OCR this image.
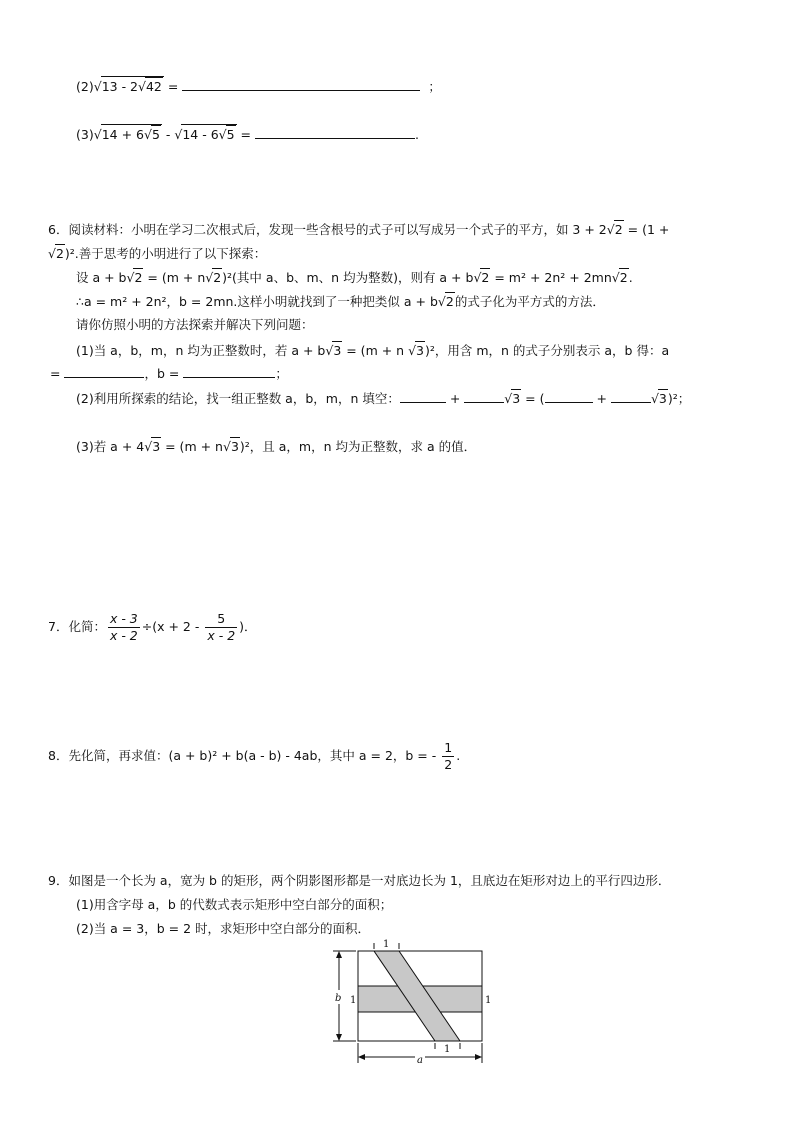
(2)√13 - 2√42 =	；
(3)√14 + 6√5 - √14 - 6√5 =	.
6．阅读材料：小明在学习二次根式后，发现一些含根号的式子可以写成另一个式子的平方，如 3 + 2√2 = (1 +
√2)².善于思考的小明进行了以下探索：
设 a + b√2 = (m + n√2)²(其中 a、b、m、n 均为整数)，则有 a + b√2 = m² + 2n² + 2mn√2.
∴a = m² + 2n²，b = 2mn.这样小明就找到了一种把类似 a + b√2的式子化为平方式的方法．
请你仿照小明的方法探索并解决下列问题：
(1)当 a，b，m，n 均为正整数时，若 a + b√3 = (m + n √3)²，用含 m，n 的式子分别表示 a，b 得：a
=	，b =	；
(2)利用所探索的结论，找一组正整数 a，b，m，n 填空：	+	√3 = (	+	√3)²；
(3)若 a + 4√3 = (m + n√3)²，且 a，m，n 均为正整数，求 a 的值．
7．化简： $\frac{x - 3}{x - 2} \div(x + 2 - \frac{5}{x - 2}$ )．
8．先化简，再求值：(a + b)² + b(a - b) - 4ab，其中 a = 2，b = - $\frac{1}{2}$ .
9．如图是一个长为 a，宽为 b 的矩形，两个阴影图形都是一对底边长为 1，且底边在矩形对边上的平行四边形．
(1)用含字母 a，b 的代数式表示矩形中空白部分的面积；
(2)当 a = 3，b = 2 时，求矩形中空白部分的面积．
1
1
1	1
b
a
